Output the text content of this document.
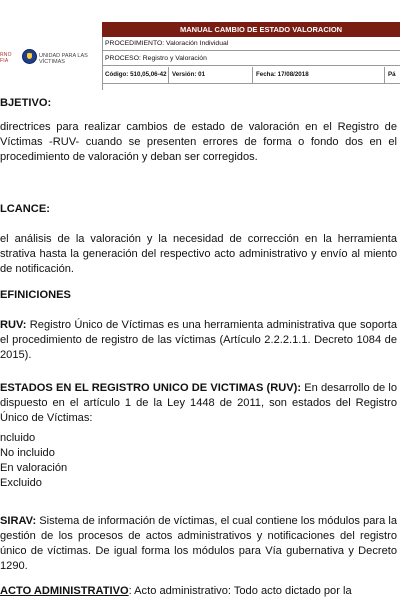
RNO
FIA
UNIDAD PARA LAS VÍCTIMAS
MANUAL CAMBIO DE ESTADO VALORACION
PROCEDIMIENTO: Valoración Individual
PROCESO: Registro y Valoración
Código: 510,05,06-42 Versión: 01	Fecha: 17/08/2018	Pá

BJETIVO:

directrices para realizar cambios de estado de valoración en el Registro de Víctimas -RUV- cuando se presenten errores de forma o fondo dos en el procedimiento de valoración y deban ser corregidos.

LCANCE:

el análisis de la valoración y la necesidad de corrección en la herramienta strativa hasta la generación del respectivo acto administrativo y envío al miento de notificación.

EFINICIONES

RUV: Registro Único de Víctimas es una herramienta administrativa que soporta el procedimiento de registro de las víctimas (Artículo 2.2.2.1.1. Decreto 1084 de 2015).

ESTADOS EN EL REGISTRO UNICO DE VICTIMAS (RUV): En desarrollo de lo dispuesto en el artículo 1 de la Ley 1448 de 2011, son estados del Registro Único de Víctimas:

ncluido
No incluido
En valoración
Excluido

SIRAV: Sistema de información de víctimas, el cual contiene los módulos para la gestión de los procesos de actos administrativos y notificaciones del registro único de víctimas. De igual forma los módulos para Vía gubernativa y Decreto 1290.

ACTO ADMINISTRATIVO: Acto administrativo: Todo acto dictado por la
